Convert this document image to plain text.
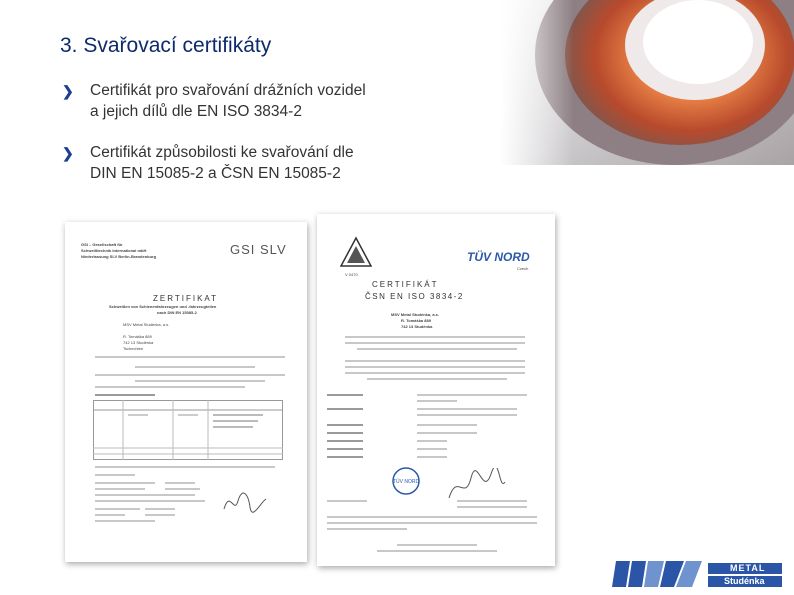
3. Svařovací certifikáty
❯ Certifikát pro svařování drážních vozidel
a jejich dílů dle EN ISO 3834-2
❯ Certifikát způsobilosti ke svařování dle
DIN EN 15085-2 a ČSN EN 15085-2
GSI – Gesellschaft für
Schweißtechnik International mbH
Niederlassung SLV Berlin-Brandenburg	GSI SLV
ZERTIFIKAT
Schweißen von Schienenfahrzeugen und -fahrzeugteilen
nach DIN EN 15085-2
MSV Metal Studénka, a.s.
R. Tomáška 889
742 13 Studénka
Tschechien
V 0470
TÜV NORD
Czech
CERTIFIKÁT
ČSN EN ISO 3834-2
MSV Metal Studénka, a.s.
R. Tomáška 889
742 13 Studénka
TÜV NORD
METAL
Studénka
